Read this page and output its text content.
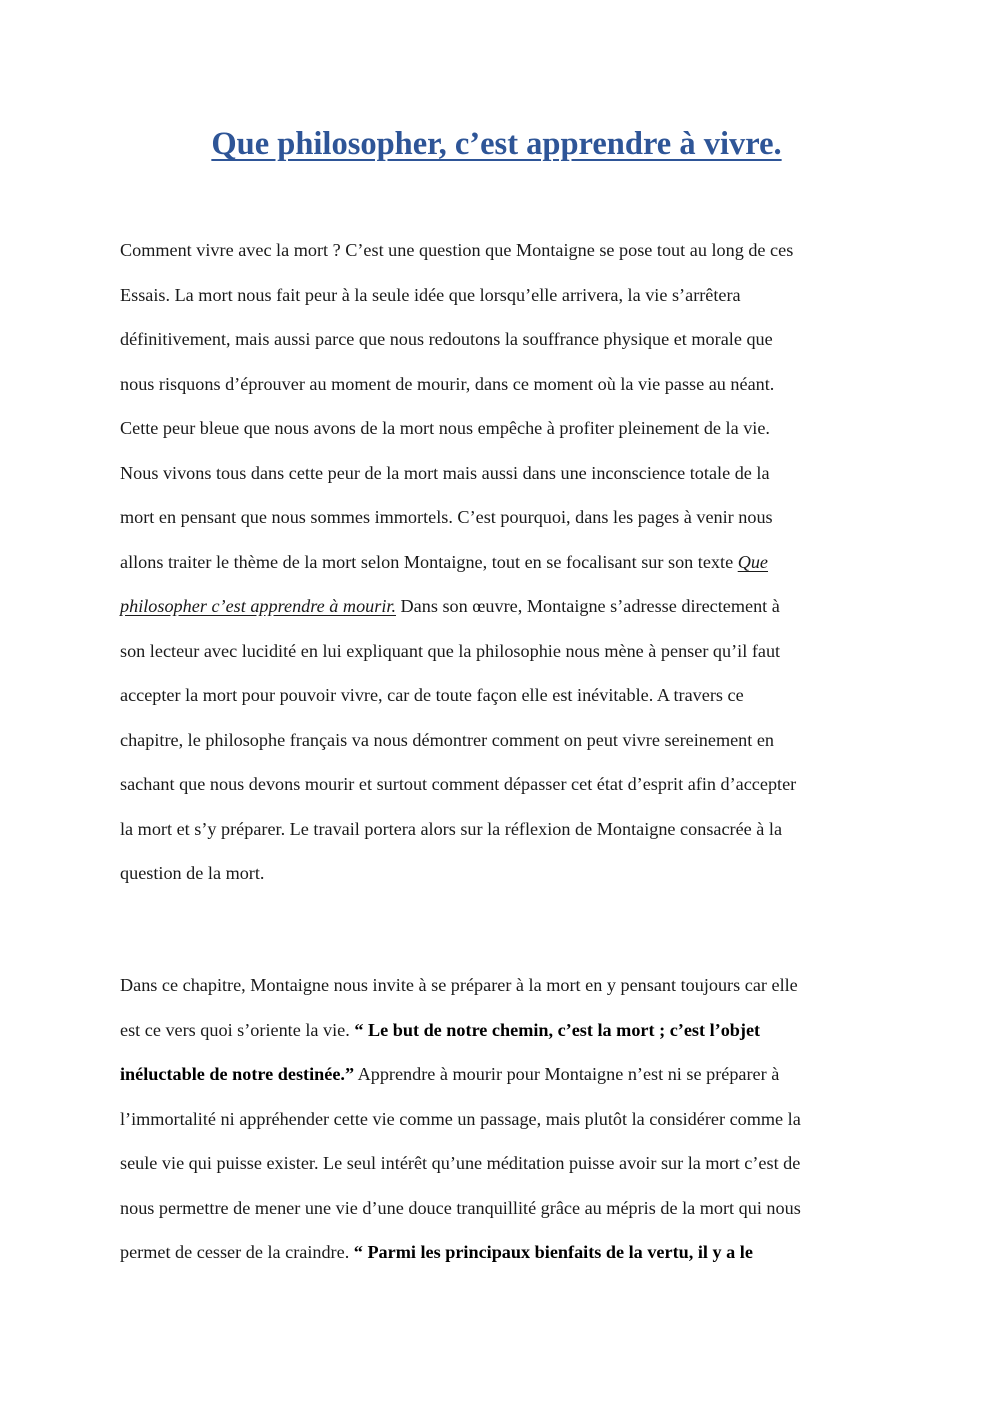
Que philosopher, c’est apprendre à vivre.

Comment vivre avec la mort ? C’est une question que Montaigne se pose tout au long de ces
Essais. La mort nous fait peur à la seule idée que lorsqu’elle arrivera, la vie s’arrêtera
définitivement, mais aussi parce que nous redoutons la souffrance physique et morale que
nous risquons d’éprouver au moment de mourir, dans ce moment où la vie passe au néant.
Cette peur bleue que nous avons de la mort nous empêche à profiter pleinement de la vie.
Nous vivons tous dans cette peur de la mort mais aussi dans une inconscience totale de la
mort en pensant que nous sommes immortels. C’est pourquoi, dans les pages à venir nous
allons traiter le thème de la mort selon Montaigne, tout en se focalisant sur son texte Que
philosopher c’est apprendre à mourir. Dans son œuvre, Montaigne s’adresse directement à
son lecteur avec lucidité en lui expliquant que la philosophie nous mène à penser qu’il faut
accepter la mort pour pouvoir vivre, car de toute façon elle est inévitable. A travers ce
chapitre, le philosophe français va nous démontrer comment on peut vivre sereinement en
sachant que nous devons mourir et surtout comment dépasser cet état d’esprit afin d’accepter
la mort et s’y préparer. Le travail portera alors sur la réflexion de Montaigne consacrée à la
question de la mort.

Dans ce chapitre, Montaigne nous invite à se préparer à la mort en y pensant toujours car elle
est ce vers quoi s’oriente la vie. “ Le but de notre chemin, c’est la mort ; c’est l’objet
inéluctable de notre destinée.” Apprendre à mourir pour Montaigne n’est ni se préparer à
l’immortalité ni appréhender cette vie comme un passage, mais plutôt la considérer comme la
seule vie qui puisse exister. Le seul intérêt qu’une méditation puisse avoir sur la mort c’est de
nous permettre de mener une vie d’une douce tranquillité grâce au mépris de la mort qui nous
permet de cesser de la craindre. “ Parmi les principaux bienfaits de la vertu, il y a le
